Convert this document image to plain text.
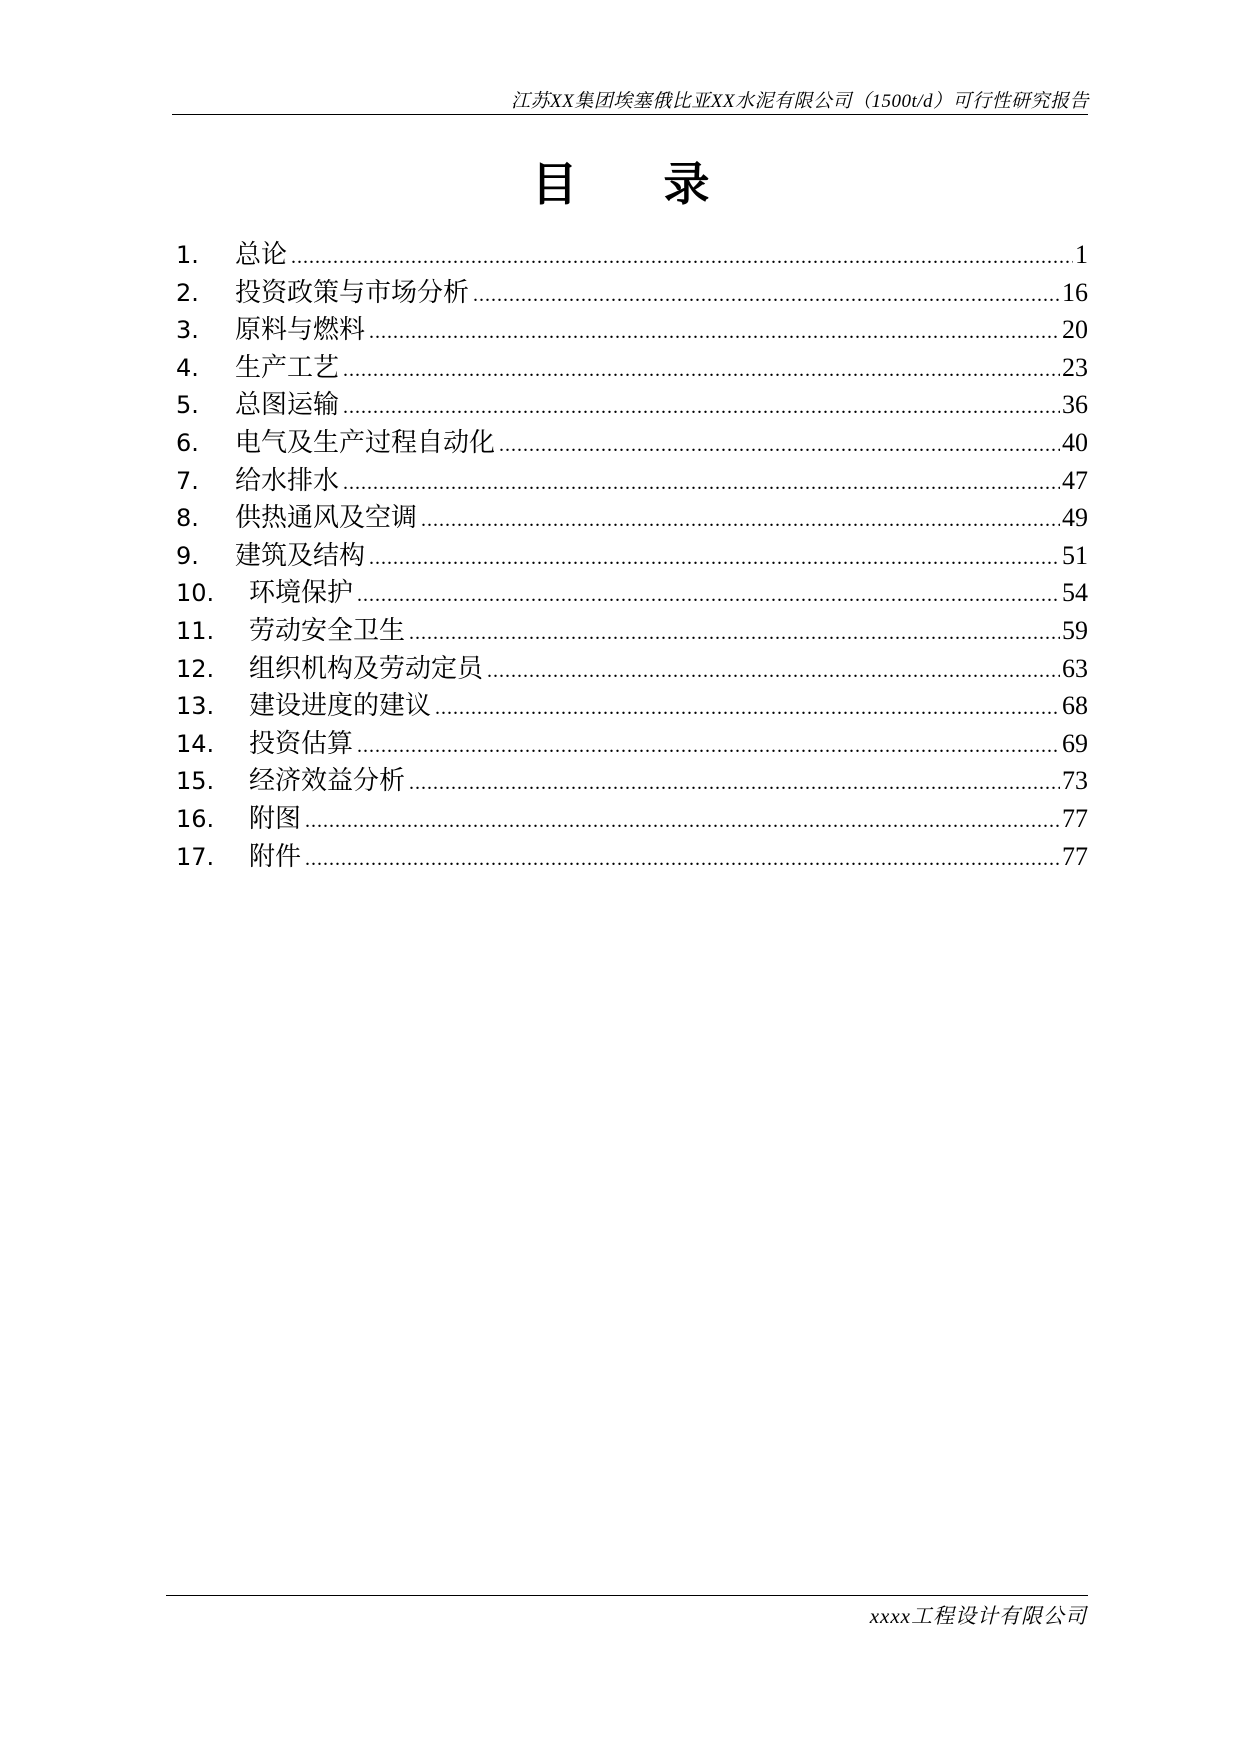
江苏XX集团埃塞俄比亚XX水泥有限公司（1500t/d）可行性研究报告
目录
1.	总论 .....	1
2.	投资政策与市场分析 .....	16
3.	原料与燃料 .....	20
4.	生产工艺 .....	23
5.	总图运输 .....	36
6.	电气及生产过程自动化 .....	40
7.	给水排水 .....	47
8.	供热通风及空调 .....	49
9.	建筑及结构 .....	51
10.	环境保护 .....	54
11.	劳动安全卫生 .....	59
12.	组织机构及劳动定员 .....	63
13.	建设进度的建议 .....	68
14.	投资估算 .....	69
15.	经济效益分析 .....	73
16.	附图 .....	77
17.	附件 .....	77
xxxx工程设计有限公司
